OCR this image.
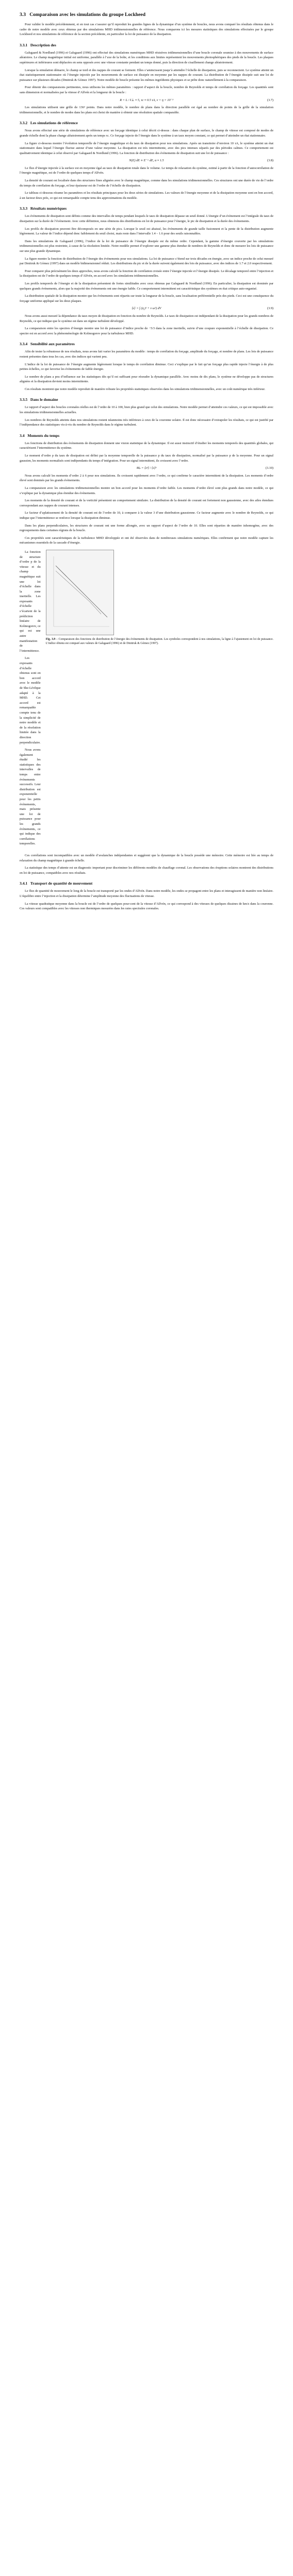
3.3 Comparaison avec les simulations du groupe Lockheed

Pour valider le modèle précédemment, et en tout cas s’assurer qu’il reproduit les grandes lignes de la dynamique d’un système de boucles, nous avons comparé les résultats obtenus dans le cadre de notre modèle avec ceux obtenus par des simulations MHD tridimensionnelles de référence. Nous comparons ici les mesures statistiques des simulations effectuées par le groupe Lockheed et nos simulations de référence de la section précédente, en particulier la loi de puissance de la dissipation.

3.3.1 Description des

Galsgaard & Nordlund (1996) et Galsgaard (1996) ont effectué des simulations numériques MHD résistives tridimensionnelles d’une boucle coronale soumise à des mouvements de surface aléatoires. Le champ magnétique initial est uniforme, parallèle à l’axe de la boîte, et les conditions aux limites représentent les mouvements photosphériques des pieds de la boucle. Les plaques supérieures et inférieures sont déplacées en sens opposés avec une vitesse constante pendant un temps donné, puis la direction de cisaillement change aléatoirement.

Lorsque la simulation démarre, le champ se tord et des nappes de courant se forment. Elles s’amincissent jusqu’à atteindre l’échelle de dissipation, puis se reconnectent. Le système atteint un état statistiquement stationnaire où l’énergie injectée par les mouvements de surface est dissipée en moyenne par les nappes de courant. La distribution de l’énergie dissipée suit une loi de puissance sur plusieurs décades (Dmitruk & Gómez 1997). Notre modèle de boucle présente les mêmes ingrédients physiques et se prête donc naturellement à la comparaison.

Pour obtenir des comparaisons pertinentes, nous utilisons les mêmes paramètres : rapport d’aspect de la boucle, nombre de Reynolds et temps de corrélation du forçage. Les quantités sont sans dimension et normalisées par la vitesse d’Alfvén et la longueur de la boucle :

R = L / ℓ⊥ ≈ 5, τc ≈ 0.5 τA, ν = η = 10⁻³	(3.7)

Les simulations utilisent une grille de 136³ points. Dans notre modèle, le nombre de plans dans la direction parallèle est égal au nombre de points de la grille de la simulation tridimensionnelle, et le nombre de modes dans les plans est choisi de manière à obtenir une résolution spatiale comparable.

3.3.2 Les simulations de référence

Nous avons effectué une série de simulations de référence avec un forçage identique à celui décrit ci-dessus : dans chaque plan de surface, le champ de vitesse est composé de modes de grande échelle dont la phase change aléatoirement après un temps τc. Ce forçage injecte de l’énergie dans le système à un taux moyen constant, ce qui permet d’atteindre un état stationnaire.

La figure ci-dessous montre l’évolution temporelle de l’énergie magnétique et du taux de dissipation pour nos simulations. Après un transitoire d’environ 10 τA, le système atteint un état stationnaire dans lequel l’énergie fluctue autour d’une valeur moyenne. La dissipation est très intermittente, avec des pics intenses séparés par des périodes calmes. Ce comportement est qualitativement identique à celui observé par Galsgaard & Nordlund (1996). La fonction de distribution des évènements de dissipation suit une loi de puissance :

N(E) dE ∝ E⁻ᵅ dE, α ≈ 1.5	(3.8)

Le flux d’énergie injectée à la surface est en moyenne égal au taux de dissipation totale dans le volume. Le temps de relaxation du système, estimé à partir de la fonction d’autocorrélation de l’énergie magnétique, est de l’ordre de quelques temps d’Alfvén.

La densité de courant est localisée dans des structures fines alignées avec le champ magnétique, comme dans les simulations tridimensionnelles. Ces structures ont une durée de vie de l’ordre du temps de corrélation du forçage, et leur épaisseur est de l’ordre de l’échelle de dissipation.

Le tableau ci-dessous résume les paramètres et les résultats principaux pour les deux séries de simulations. Les valeurs de l’énergie moyenne et de la dissipation moyenne sont en bon accord, à un facteur deux près, ce qui est remarquable compte tenu des approximations du modèle.

3.3.3 Résultats numériques

Les évènements de dissipation sont définis comme des intervalles de temps pendant lesquels le taux de dissipation dépasse un seuil donné. L’énergie d’un évènement est l’intégrale du taux de dissipation sur la durée de l’évènement. Avec cette définition, nous obtenons des distributions en loi de puissance pour l’énergie, le pic de dissipation et la durée des évènements.

Les profils de dissipation peuvent être décomposés en une série de pics. Lorsque le seuil est abaissé, les évènements de grande taille fusionnent et la pente de la distribution augmente légèrement. La valeur de l’indice dépend donc faiblement du seuil choisi, mais reste dans l’intervalle 1.4 – 1.6 pour des seuils raisonnables.

Dans les simulations de Galsgaard (1996), l’indice de la loi de puissance de l’énergie dissipée est du même ordre. Cependant, la gamme d’énergie couverte par les simulations tridimensionnelles est plus restreinte, à cause de la résolution limitée. Notre modèle permet d’explorer une gamme plus étendue de nombres de Reynolds et donc de mesurer les lois de puissance sur une plus grande dynamique.

La figure montre la fonction de distribution de l’énergie des évènements pour nos simulations. La loi de puissance s’étend sur trois décades en énergie, avec un indice proche de celui mesuré par Dmitruk & Gómez (1997) dans un modèle bidimensionnel réduit. Les distributions du pic et de la durée suivent également des lois de puissance, avec des indices de 1.7 et 2.0 respectivement.

Pour comparer plus précisément les deux approches, nous avons calculé la fonction de corrélation croisée entre l’énergie injectée et l’énergie dissipée. Le décalage temporel entre l’injection et la dissipation est de l’ordre de quelques temps d’Alfvén, en accord avec les simulations tridimensionnelles.

Les profils temporels de l’énergie et de la dissipation présentent de fortes similitudes avec ceux obtenus par Galsgaard & Nordlund (1996). En particulier, la dissipation est dominée par quelques grands évènements, alors que la majorité des évènements ont une énergie faible. Ce comportement intermittent est caractéristique des systèmes en état critique auto-organisé.

La distribution spatiale de la dissipation montre que les évènements sont répartis sur toute la longueur de la boucle, sans localisation préférentielle près des pieds. Ceci est une conséquence du forçage uniforme appliqué sur les deux plaques.

⟨ε⟩ = ∫ (η j² + ν ω²) dV	(3.9)

Nous avons aussi mesuré la dépendance du taux moyen de dissipation en fonction du nombre de Reynolds. Le taux de dissipation est indépendant de la dissipation pour les grands nombres de Reynolds, ce qui indique que le système est dans un régime turbulent développé.

La comparaison entre les spectres d’énergie montre une loi de puissance d’indice proche de −5/3 dans la zone inertielle, suivie d’une coupure exponentielle à l’échelle de dissipation. Ce spectre est en accord avec la phénoménologie de Kolmogorov pour la turbulence MHD.

3.3.4 Sensibilité aux paramètres

Afin de tester la robustesse de nos résultats, nous avons fait varier les paramètres du modèle : temps de corrélation du forçage, amplitude du forçage, et nombre de plans. Les lois de puissance restent présentes dans tous les cas, avec des indices qui varient peu.

L’indice de la loi de puissance de l’énergie augmente légèrement lorsque le temps de corrélation diminue. Ceci s’explique par le fait qu’un forçage plus rapide injecte l’énergie à de plus petites échelles, ce qui favorise les évènements de faible énergie.

Le nombre de plans a peu d’influence sur les statistiques dès qu’il est suffisant pour résoudre la dynamique parallèle. Avec moins de dix plans, le système ne développe pas de structures alignées et la dissipation devient moins intermittente.

Ces résultats montrent que notre modèle reproduit de manière robuste les propriétés statistiques observées dans les simulations tridimensionnelles, avec un coût numérique très inférieur.

3.3.5 Dans le domaine

Le rapport d’aspect des boucles coronales réelles est de l’ordre de 10 à 100, bien plus grand que celui des simulations. Notre modèle permet d’atteindre ces valeurs, ce qui est impossible avec les simulations tridimensionnelles actuelles.

Les nombres de Reynolds atteints dans nos simulations restent néanmoins très inférieurs à ceux de la couronne solaire. Il est donc nécessaire d’extrapoler les résultats, ce qui est justifié par l’indépendance des statistiques vis-à-vis du nombre de Reynolds dans le régime turbulent.

3.4 Moments du temps

Les fonctions de distribution des évènements de dissipation donnent une vision statistique de la dynamique. Il est aussi instructif d’étudier les moments temporels des quantités globales, qui caractérisent l’intermittence du système.

Le moment d’ordre p du taux de dissipation est défini par la moyenne temporelle de la puissance p du taux de dissipation, normalisé par la puissance p de la moyenne. Pour un signal gaussien, les moments normalisés sont indépendants du temps d’intégration. Pour un signal intermittent, ils croissent avec l’ordre.

Mₚ = ⟨εᵖ⟩ / ⟨ε⟩ᵖ	(3.10)

Nous avons calculé les moments d’ordre 2 à 6 pour nos simulations. Ils croissent rapidement avec l’ordre, ce qui confirme le caractère intermittent de la dissipation. Les moments d’ordre élevé sont dominés par les grands évènements.

La comparaison avec les simulations tridimensionnelles montre un bon accord pour les moments d’ordre faible. Les moments d’ordre élevé sont plus grands dans notre modèle, ce qui s’explique par la dynamique plus étendue des évènements.

Les moments de la densité de courant et de la vorticité présentent un comportement similaire. La distribution de la densité de courant est fortement non gaussienne, avec des ailes étendues correspondant aux nappes de courant intenses.

Le facteur d’aplatissement de la densité de courant est de l’ordre de 10, à comparer à la valeur 3 d’une distribution gaussienne. Ce facteur augmente avec le nombre de Reynolds, ce qui indique que l’intermittence se renforce lorsque la dissipation diminue.

Dans les plans perpendiculaires, les structures de courant ont une forme allongée, avec un rapport d’aspect de l’ordre de 10. Elles sont réparties de manière inhomogène, avec des regroupements dans certaines régions de la boucle.

Ces propriétés sont caractéristiques de la turbulence MHD développée et ont été observées dans de nombreuses simulations numériques. Elles confirment que notre modèle capture les mécanismes essentiels de la cascade d’énergie.

La fonction de structure d’ordre p de la vitesse et du champ magnétique suit une loi d’échelle dans la zone inertielle. Les exposants d’échelle s’écartent de la prédiction linéaire de Kolmogorov, ce qui est une autre manifestation de l’intermittence.

Les exposants d’échelle obtenus sont en bon accord avec le modèle de She-Lévêque adapté à la MHD. Cet accord est remarquable compte tenu de la simplicité de notre modèle et de la résolution limitée dans la direction perpendiculaire.

Nous avons également étudié les statistiques des intervalles de temps entre évènements successifs. Leur distribution est exponentielle pour les petits évènements, mais présente une loi de puissance pour les grands évènements, ce qui indique des corrélations temporelles.

Fig. 3.9 – Comparaison des fonctions de distribution de l’énergie des évènements de dissipation. Les symboles correspondent à nos simulations, la ligne à l’ajustement en loi de puissance. L’indice obtenu est comparé aux valeurs de Galsgaard (1996) et de Dmitruk & Gómez (1997).

Ces corrélations sont incompatibles avec un modèle d’avalanches indépendantes et suggèrent que la dynamique de la boucle possède une mémoire. Cette mémoire est liée au temps de relaxation du champ magnétique à grande échelle.

La statistique des temps d’attente est un diagnostic important pour discriminer les différents modèles de chauffage coronal. Les observations des éruptions solaires montrent des distributions en loi de puissance, compatibles avec nos résultats.

3.4.1 Transport de quantité de mouvement

Le flux de quantité de mouvement le long de la boucle est transporté par les ondes d’Alfvén. Dans notre modèle, les ondes se propagent entre les plans et interagissent de manière non linéaire. L’équilibre entre l’injection et la dissipation détermine l’amplitude moyenne des fluctuations de vitesse.

La vitesse quadratique moyenne dans la boucle est de l’ordre de quelques pour-cent de la vitesse d’Alfvén, ce qui correspond à des vitesses de quelques dizaines de km/s dans la couronne. Ces valeurs sont compatibles avec les vitesses non thermiques mesurées dans les raies spectrales coronales.
